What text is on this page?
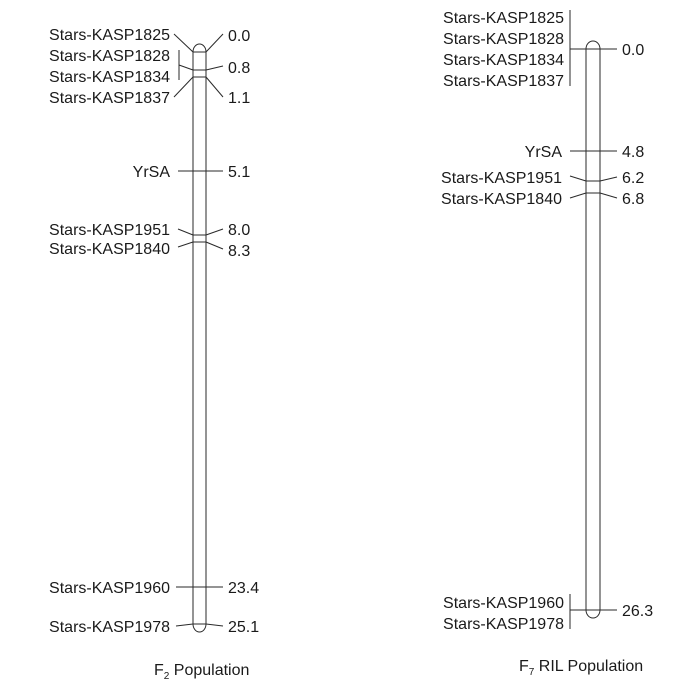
Stars-KASP1825
Stars-KASP1828
Stars-KASP1834
Stars-KASP1837
YrSA
Stars-KASP1951
Stars-KASP1840
Stars-KASP1960
Stars-KASP1978
0.0
0.8
1.1
5.1
8.0
8.3
23.4
25.1
$F_2$ Population
Stars-KASP1825
Stars-KASP1828
Stars-KASP1834
Stars-KASP1837
YrSA
Stars-KASP1951
Stars-KASP1840
Stars-KASP1960
Stars-KASP1978
0.0
4.8
6.2
6.8
26.3
$F_7$ RIL Population
